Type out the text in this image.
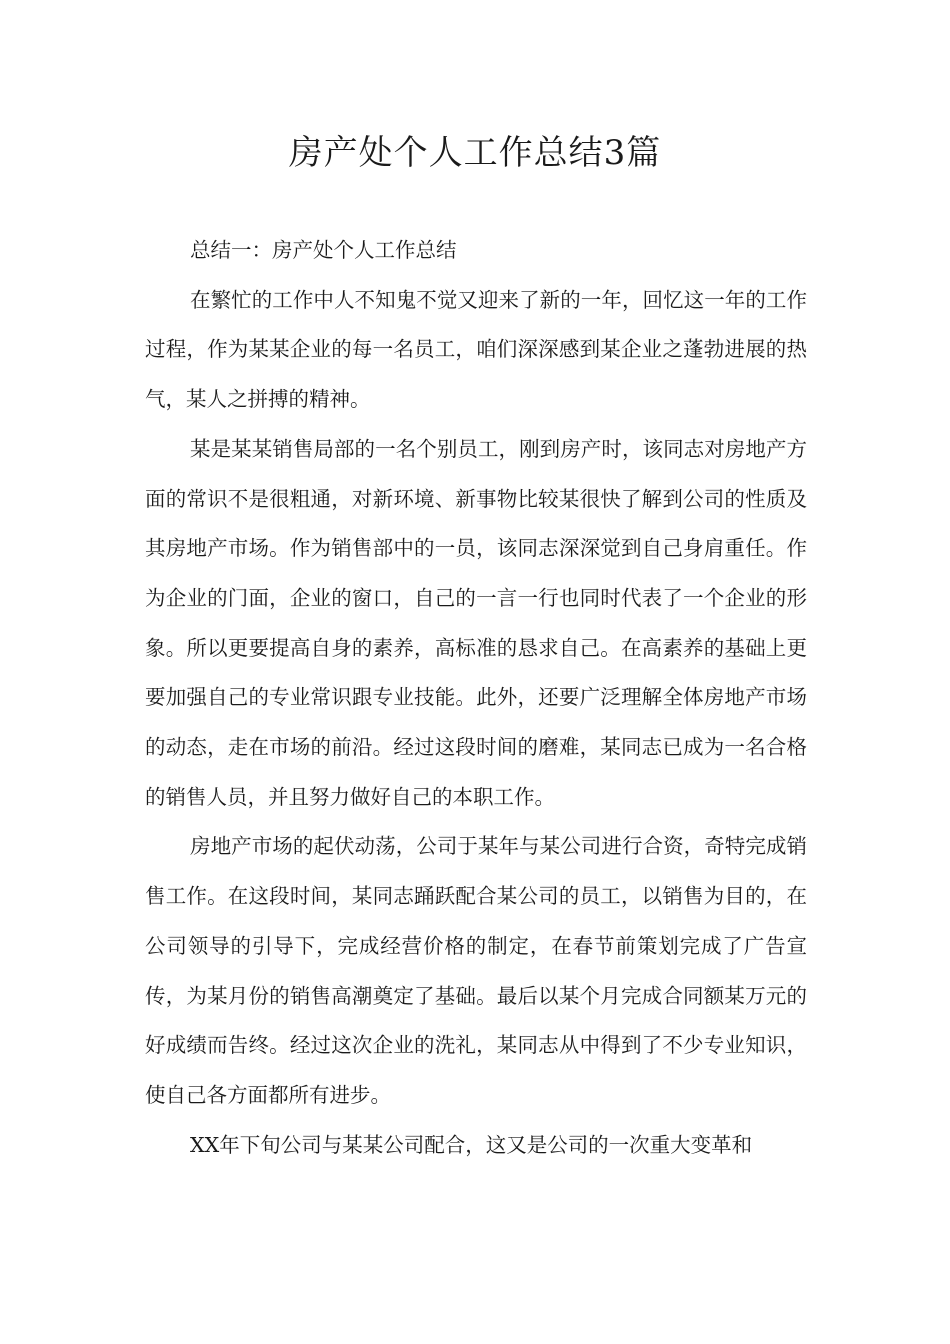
房产处个人工作总结3篇

总结一：房产处个人工作总结

在繁忙的工作中人不知鬼不觉又迎来了新的一年，回忆这一年的工作过程，作为某某企业的每一名员工，咱们深深感到某企业之蓬勃进展的热气，某人之拼搏的精神。

某是某某销售局部的一名个别员工，刚到房产时，该同志对房地产方面的常识不是很粗通，对新环境、新事物比较某很快了解到公司的性质及其房地产市场。作为销售部中的一员，该同志深深觉到自己身肩重任。作为企业的门面，企业的窗口，自己的一言一行也同时代表了一个企业的形象。所以更要提高自身的素养，高标准的恳求自己。在高素养的基础上更要加强自己的专业常识跟专业技能。此外，还要广泛理解全体房地产市场的动态，走在市场的前沿。经过这段时间的磨难，某同志已成为一名合格的销售人员，并且努力做好自己的本职工作。

房地产市场的起伏动荡，公司于某年与某公司进行合资，奇特完成销售工作。在这段时间，某同志踊跃配合某公司的员工，以销售为目的，在公司领导的引导下，完成经营价格的制定，在春节前策划完成了广告宣传，为某月份的销售高潮奠定了基础。最后以某个月完成合同额某万元的好成绩而告终。经过这次企业的洗礼，某同志从中得到了不少专业知识，使自己各方面都所有进步。

XX年下旬公司与某某公司配合，这又是公司的一次重大变革和
